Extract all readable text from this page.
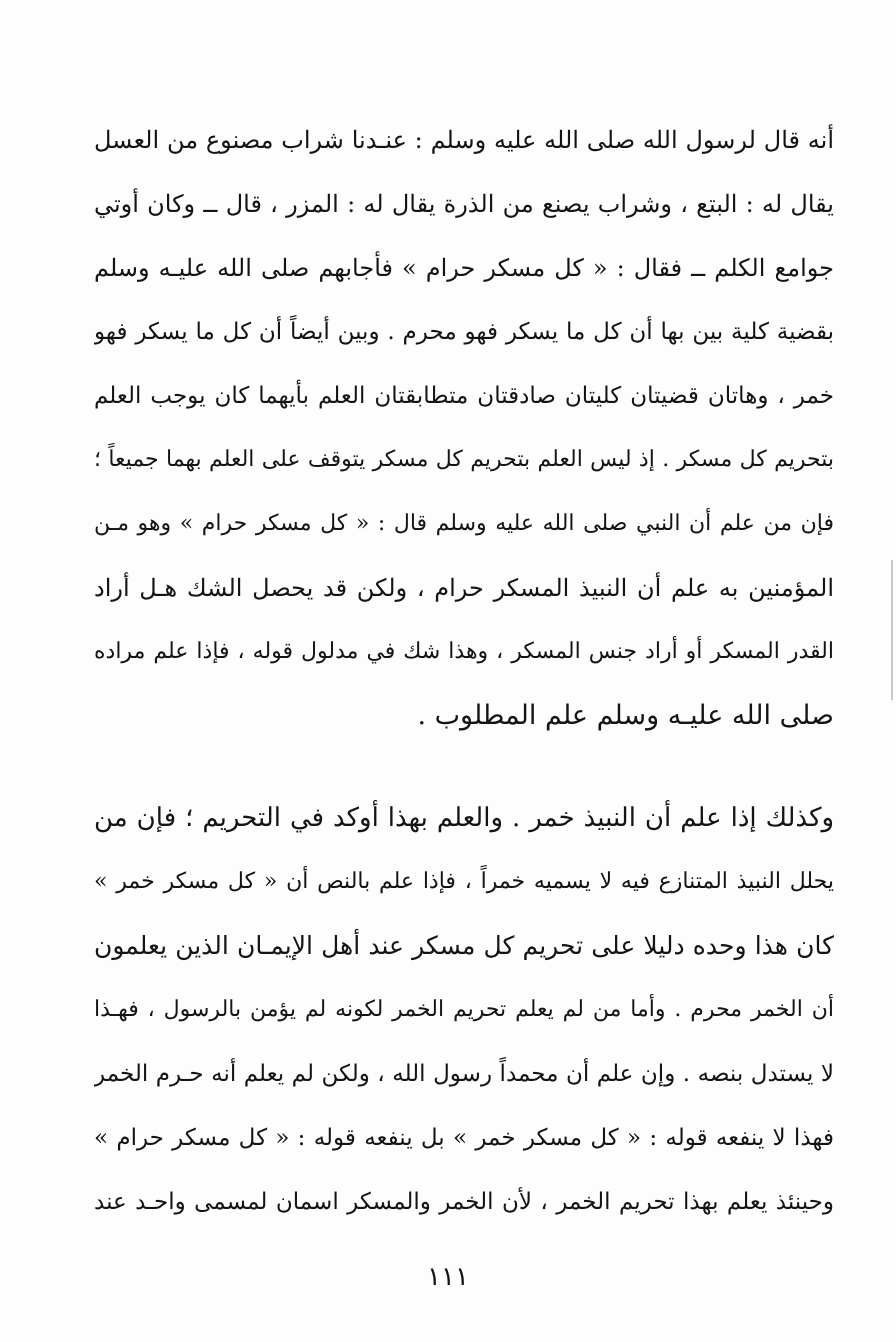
أنه قال لرسول الله صلى الله عليه وسلم : عنـدنا شراب مصنوع من العسل
يقال له : البتع ، وشراب يصنع من الذرة يقال له : المزر ، قال ــ وكان أوتي
جوامع الكلم ــ فقال : « كل مسكر حرام » فأجابهم صلى الله عليـه وسلم
بقضية كلية بين بها أن كل ما يسكر فهو محرم . وبين أيضاً أن كل ما يسكر فهو
خمر ، وهاتان قضيتان كليتان صادقتان متطابقتان العلم بأيهما كان يوجب العلم
بتحريم كل مسكر . إذ ليس العلم بتحريم كل مسكر يتوقف على العلم بهما جميعاً ؛
فإن من علم أن النبي صلى الله عليه وسلم قال : « كل مسكر حرام » وهو مـن
المؤمنين به علم أن النبيذ المسكر حرام ، ولكن قد يحصل الشك هـل أراد
القدر المسكر أو أراد جنس المسكر ، وهذا شك في مدلول قوله ، فإذا علم مراده
صلى الله عليـه وسلم علم المطلوب .
وكذلك إذا علم أن النبيذ خمر . والعلم بهذا أوكد في التحريم ؛ فإن من
يحلل النبيذ المتنازع فيه لا يسميه خمراً ، فإذا علم بالنص أن « كل مسكر خمر »
كان هذا وحده دليلا على تحريم كل مسكر عند أهل الإيمـان الذين يعلمون
أن الخمر محرم . وأما من لم يعلم تحريم الخمر لكونه لم يؤمن بالرسول ، فهـذا
لا يستدل بنصه . وإن علم أن محمداً رسول الله ، ولكن لم يعلم أنه حـرم الخمر
فهذا لا ينفعه قوله : « كل مسكر خمر » بل ينفعه قوله : « كل مسكر حرام »
وحينئذ يعلم بهذا تحريم الخمر ، لأن الخمر والمسكر اسمان لمسمى واحـد عند
١١١
